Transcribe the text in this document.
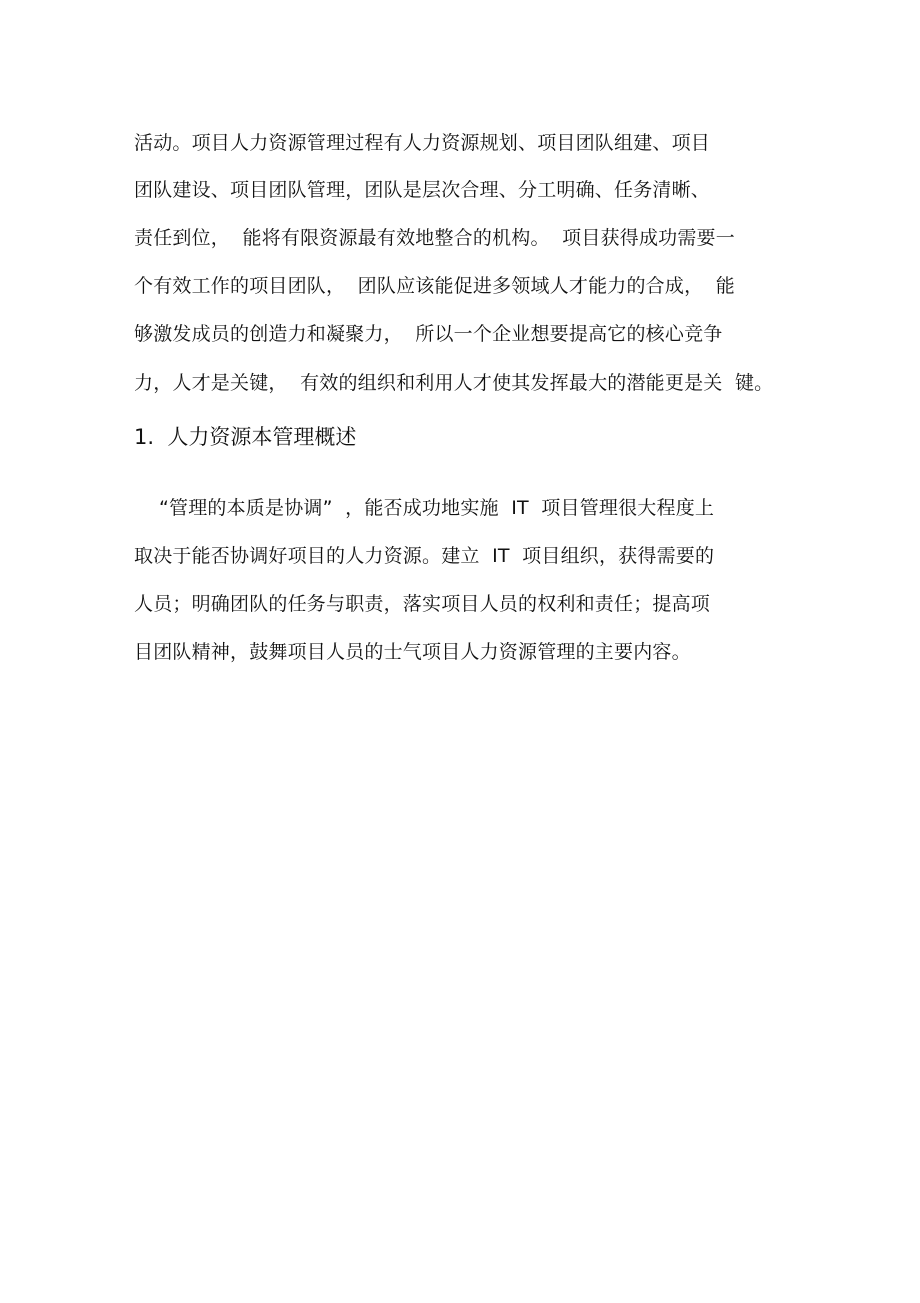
活动。项目人力资源管理过程有人力资源规划、项目团队组建、项目
团队建设、项目团队管理，团队是层次合理、分工明确、任务清晰、
责任到位，  能将有限资源最有效地整合的机构。  项目获得成功需要一
个有效工作的项目团队，  团队应该能促进多领域人才能力的合成，  能
够激发成员的创造力和凝聚力，  所以一个企业想要提高它的核心竞争
力，人才是关键，  有效的组织和利用人才使其发挥最大的潜能更是关  键。
1.  人力资源本管理概述
“管理的本质是协调”  ，能否成功地实施  IT  项目管理很大程度上
取决于能否协调好项目的人力资源。建立  IT  项目组织，获得需要的
人员；明确团队的任务与职责，落实项目人员的权利和责任；提高项
目团队精神，鼓舞项目人员的士气项目人力资源管理的主要内容。
